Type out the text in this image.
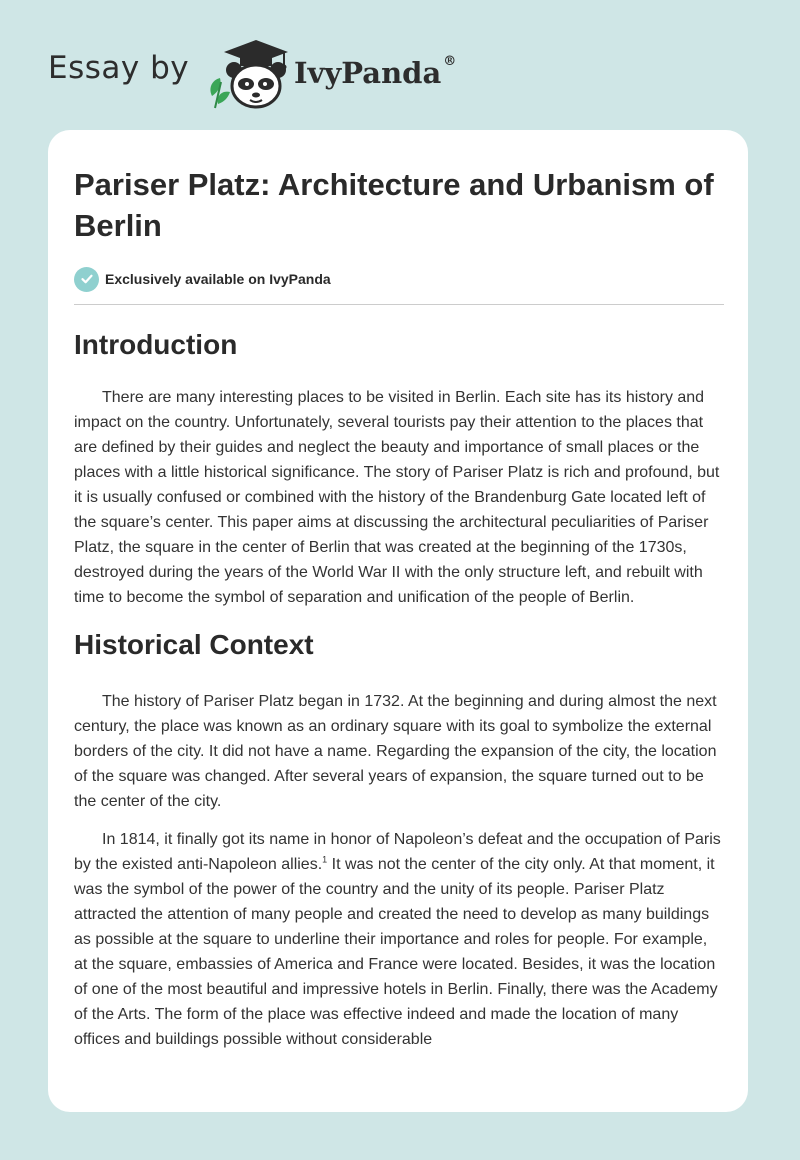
Essay by	IvyPanda ®
Pariser Platz: Architecture and Urbanism of Berlin
Exclusively available on IvyPanda
Introduction

There are many interesting places to be visited in Berlin. Each site has its history and impact on the country. Unfortunately, several tourists pay their attention to the places that are defined by their guides and neglect the beauty and importance of small places or the places with a little historical significance. The story of Pariser Platz is rich and profound, but it is usually confused or combined with the history of the Brandenburg Gate located left of the square’s center. This paper aims at discussing the architectural peculiarities of Pariser Platz, the square in the center of Berlin that was created at the beginning of the 1730s, destroyed during the years of the World War II with the only structure left, and rebuilt with time to become the symbol of separation and unification of the people of Berlin.

Historical Context

The history of Pariser Platz began in 1732. At the beginning and during almost the next century, the place was known as an ordinary square with its goal to symbolize the external borders of the city. It did not have a name. Regarding the expansion of the city, the location of the square was changed. After several years of expansion, the square turned out to be the center of the city.

In 1814, it finally got its name in honor of Napoleon’s defeat and the occupation of Paris by the existed anti-Napoleon allies.$^1$ It was not the center of the city only. At that moment, it was the symbol of the power of the country and the unity of its people. Pariser Platz attracted the attention of many people and created the need to develop as many buildings as possible at the square to underline their importance and roles for people. For example, at the square, embassies of America and France were located. Besides, it was the location of one of the most beautiful and impressive hotels in Berlin. Finally, there was the Academy of the Arts. The form of the place was effective indeed and made the location of many offices and buildings possible without considerable
